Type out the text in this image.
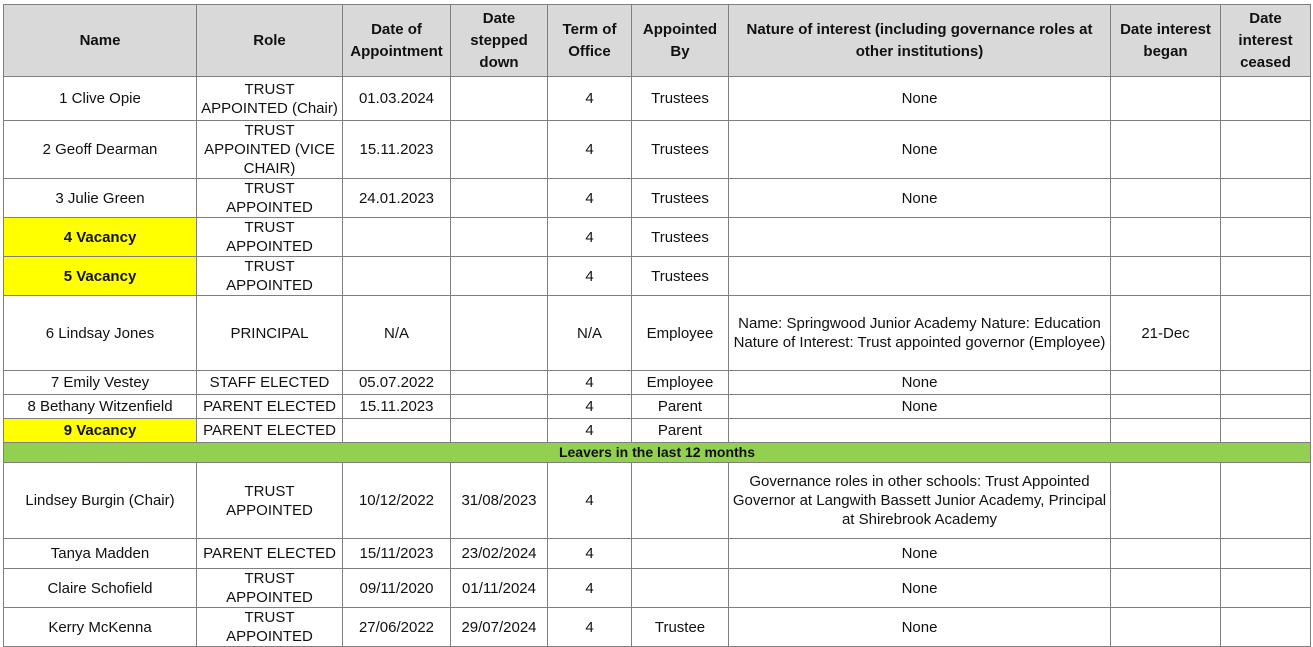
Name	Role	Date of Appointment	Date stepped down	Term of Office	Appointed By	Nature of interest (including governance roles at other institutions)	Date interest began	Date interest ceased
1 Clive Opie	TRUST APPOINTED (Chair)	01.03.2024		4	Trustees	None		
2 Geoff Dearman	TRUST APPOINTED (VICE CHAIR)	15.11.2023		4	Trustees	None		
3 Julie Green	TRUST APPOINTED	24.01.2023		4	Trustees	None		
4 Vacancy	TRUST APPOINTED			4	Trustees			
5 Vacancy	TRUST APPOINTED			4	Trustees			
6 Lindsay Jones	PRINCIPAL	N/A		N/A	Employee	Name: Springwood Junior Academy Nature: Education Nature of Interest: Trust appointed governor (Employee)	21-Dec	
7 Emily Vestey	STAFF ELECTED	05.07.2022		4	Employee	None		
8 Bethany Witzenfield	PARENT ELECTED	15.11.2023		4	Parent	None		
9 Vacancy	PARENT ELECTED			4	Parent			
Leavers in the last 12 months								
Lindsey Burgin (Chair)	TRUST APPOINTED	10/12/2022	31/08/2023	4		Governance roles in other schools: Trust Appointed Governor at Langwith Bassett Junior Academy, Principal at Shirebrook Academy		
Tanya Madden	PARENT ELECTED	15/11/2023	23/02/2024	4		None		
Claire Schofield	TRUST APPOINTED	09/11/2020	01/11/2024	4		None		
Kerry McKenna	TRUST APPOINTED	27/06/2022	29/07/2024	4	Trustee	None		
